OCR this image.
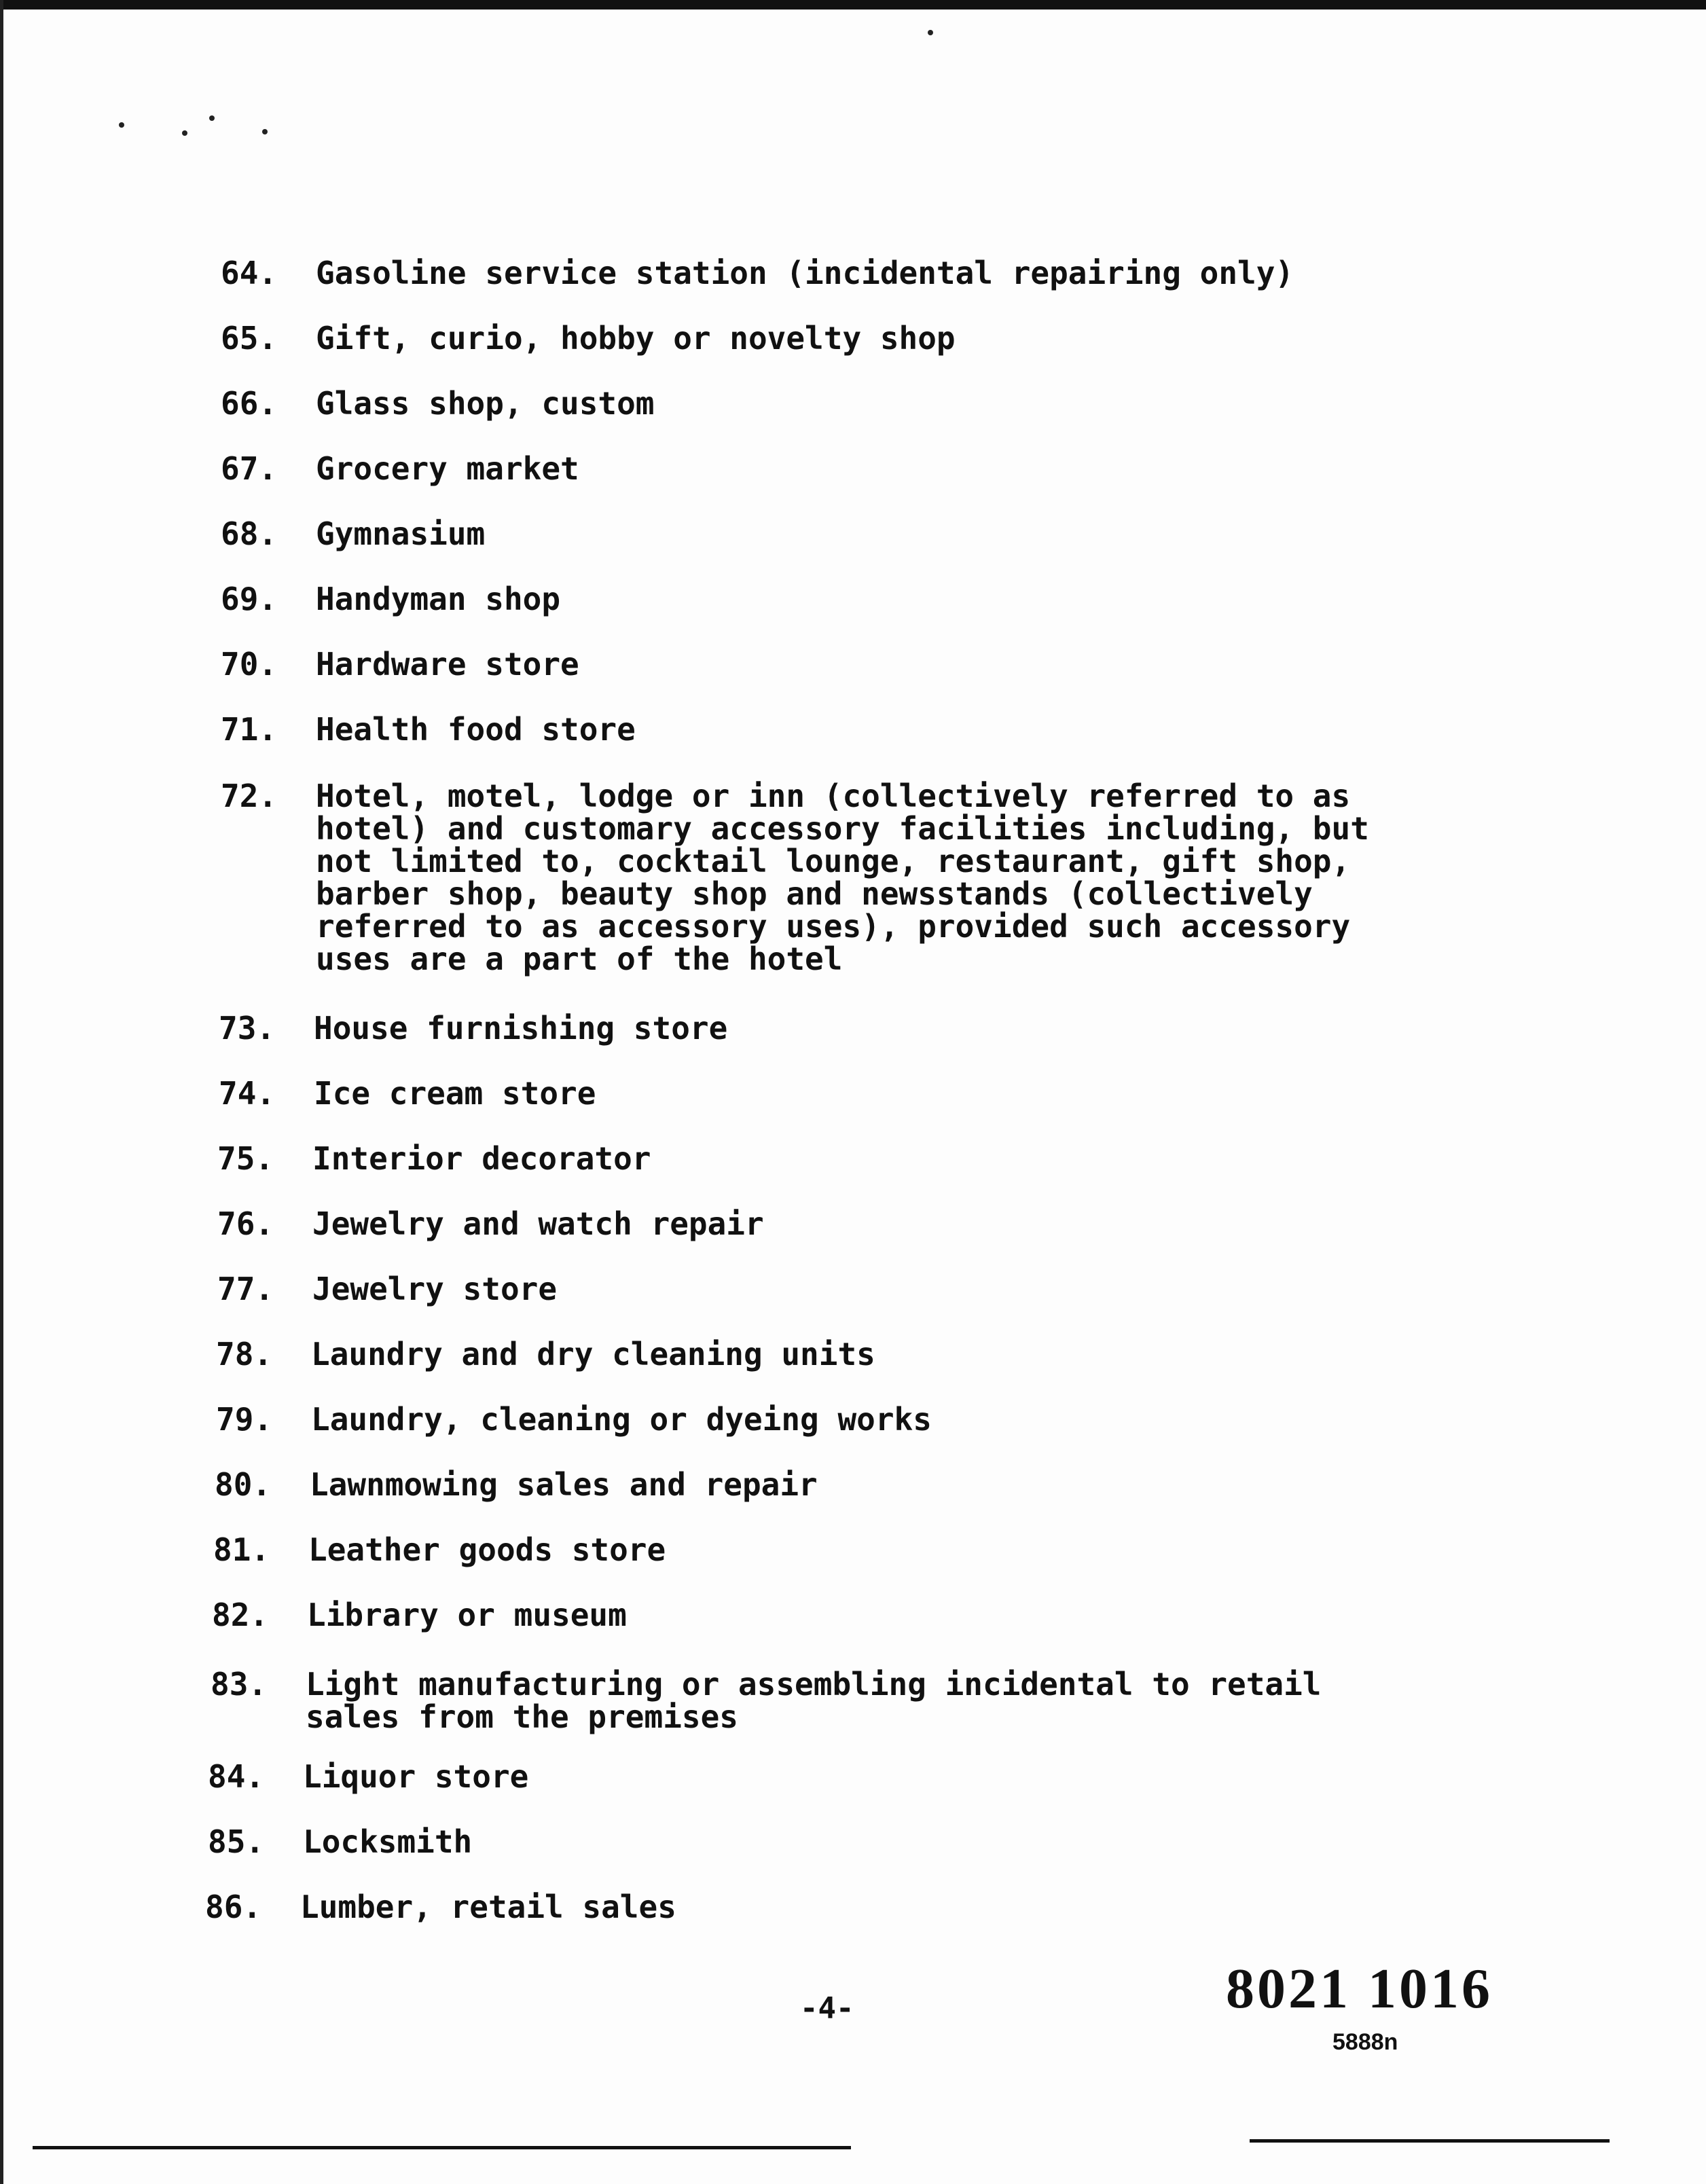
64. Gasoline service station (incidental repairing only)
65. Gift, curio, hobby or novelty shop
66. Glass shop, custom
67. Grocery market
68. Gymnasium
69. Handyman shop
70. Hardware store
71. Health food store
72. Hotel, motel, lodge or inn (collectively referred to as
hotel) and customary accessory facilities including, but
not limited to, cocktail lounge, restaurant, gift shop,
barber shop, beauty shop and newsstands (collectively
referred to as accessory uses), provided such accessory
uses are a part of the hotel
73. House furnishing store
74. Ice cream store
75. Interior decorator
76. Jewelry and watch repair
77. Jewelry store
78. Laundry and dry cleaning units
79. Laundry, cleaning or dyeing works
80. Lawnmowing sales and repair
81. Leather goods store
82. Library or museum
83. Light manufacturing or assembling incidental to retail
sales from the premises
84. Liquor store
85. Locksmith
86. Lumber, retail sales
-4-	8021 1016
5888n
